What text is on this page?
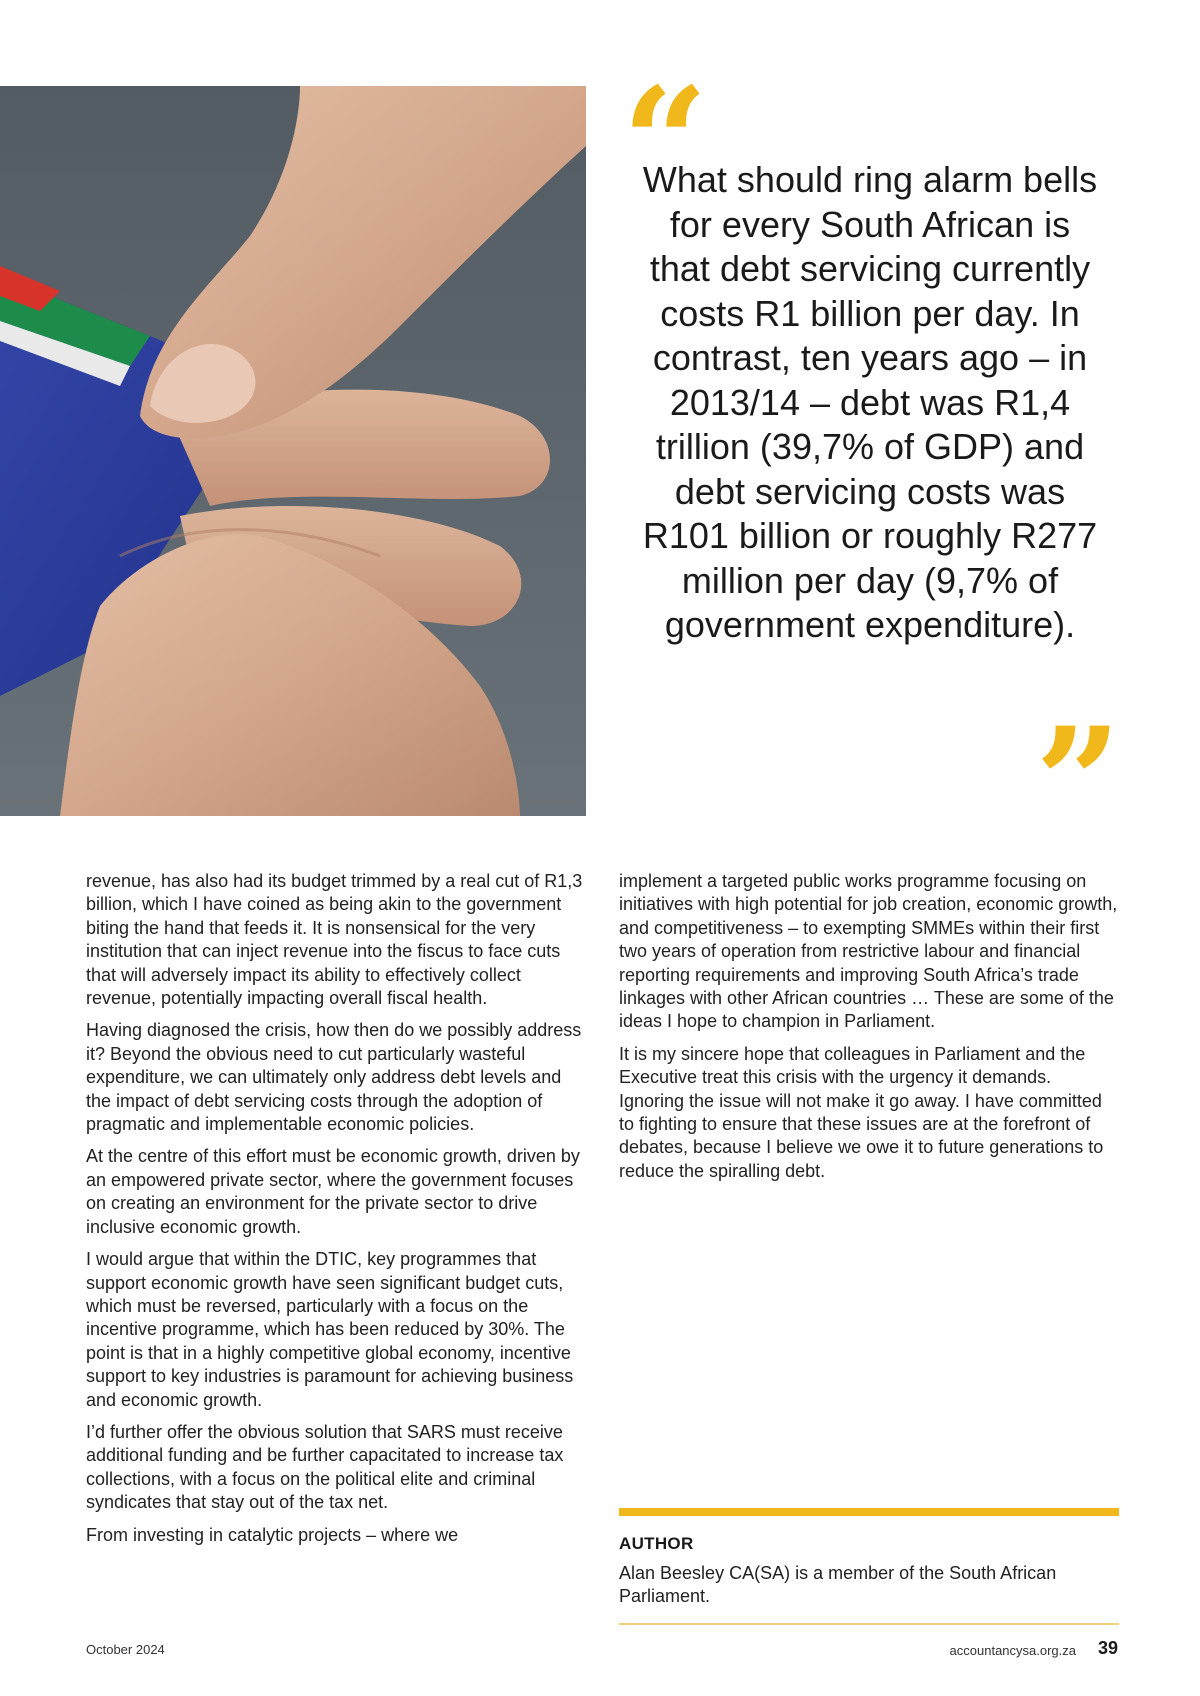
“
What should ring alarm bells for every South African is that debt servicing currently costs R1 billion per day. In contrast, ten years ago – in 2013/14 – debt was R1,4 trillion (39,7% of GDP) and debt servicing costs was R101 billion or roughly R277 million per day (9,7% of government expenditure).
”

revenue, has also had its budget trimmed by a real cut of R1,3 billion, which I have coined as being akin to the government biting the hand that feeds it. It is nonsensical for the very institution that can inject revenue into the fiscus to face cuts that will adversely impact its ability to effectively collect revenue, potentially impacting overall fiscal health.

Having diagnosed the crisis, how then do we possibly address it? Beyond the obvious need to cut particularly wasteful expenditure, we can ultimately only address debt levels and the impact of debt servicing costs through the adoption of pragmatic and implementable economic policies.

At the centre of this effort must be economic growth, driven by an empowered private sector, where the government focuses on creating an environment for the private sector to drive inclusive economic growth.

I would argue that within the DTIC, key programmes that support economic growth have seen significant budget cuts, which must be reversed, particularly with a focus on the incentive programme, which has been reduced by 30%. The point is that in a highly competitive global economy, incentive support to key industries is paramount for achieving business and economic growth.

I’d further offer the obvious solution that SARS must receive additional funding and be further capacitated to increase tax collections, with a focus on the political elite and criminal syndicates that stay out of the tax net.

From investing in catalytic projects – where we

implement a targeted public works programme focusing on initiatives with high potential for job creation, economic growth, and competitiveness – to exempting SMMEs within their first two years of operation from restrictive labour and financial reporting requirements and improving South Africa’s trade linkages with other African countries … These are some of the ideas I hope to champion in Parliament.

It is my sincere hope that colleagues in Parliament and the Executive treat this crisis with the urgency it demands. Ignoring the issue will not make it go away. I have committed to fighting to ensure that these issues are at the forefront of debates, because I believe we owe it to future generations to reduce the spiralling debt.

AUTHOR
Alan Beesley CA(SA) is a member of the South African Parliament.
October 2024	accountancysa.org.za 39
